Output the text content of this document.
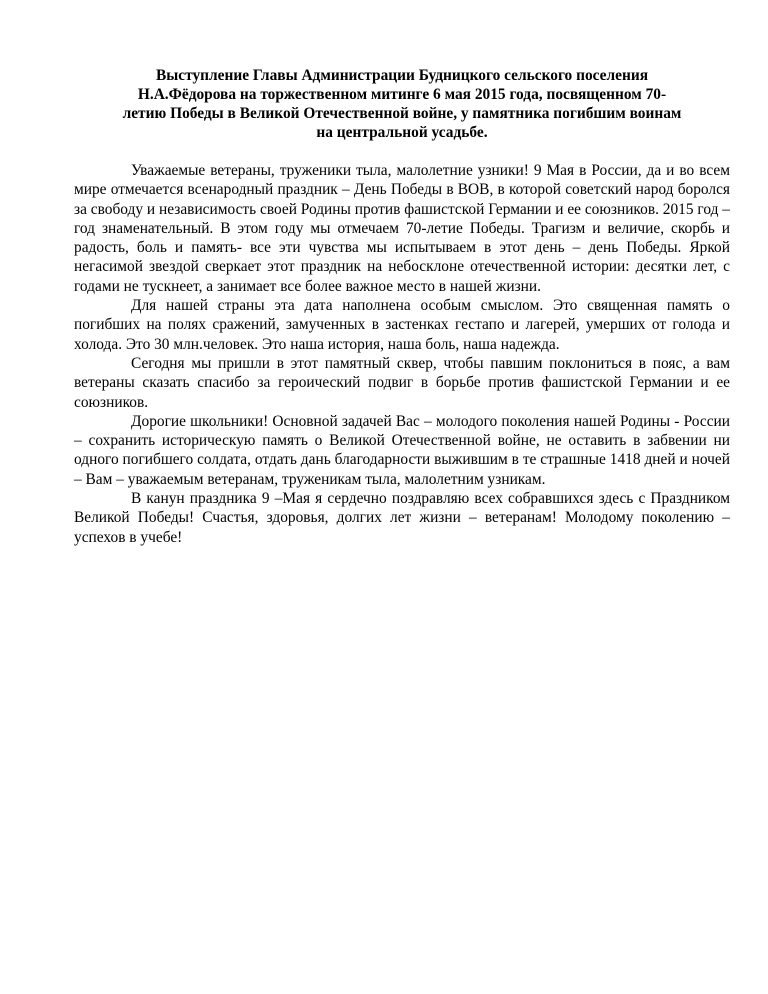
Выступление Главы Администрации Будницкого сельского поселения
Н.А.Фёдорова на торжественном митинге 6 мая 2015 года, посвященном 70-
летию Победы в Великой Отечественной войне, у памятника погибшим воинам
на центральной усадьбе.

Уважаемые ветераны, труженики тыла, малолетние узники! 9 Мая в России, да и во всем мире отмечается всенародный праздник – День Победы в ВОВ, в которой советский народ боролся за свободу и независимость своей Родины против фашистской Германии и ее союзников. 2015 год – год знаменательный. В этом году мы отмечаем 70-летие Победы. Трагизм и величие, скорбь и радость, боль и память- все эти чувства мы испытываем в этот день – день Победы. Яркой негасимой звездой сверкает этот праздник на небосклоне отечественной истории: десятки лет, с годами не тускнеет, а занимает все более важное место в нашей жизни.

Для нашей страны эта дата наполнена особым смыслом. Это священная память о погибших на полях сражений, замученных в застенках гестапо и лагерей, умерших от голода и холода. Это 30 млн.человек. Это наша история, наша боль, наша надежда.

Сегодня мы пришли в этот памятный сквер, чтобы павшим поклониться в пояс, а вам ветераны сказать спасибо за героический подвиг в борьбе против фашистской Германии и ее союзников.

Дорогие школьники! Основной задачей Вас – молодого поколения нашей Родины - России – сохранить историческую память о Великой Отечественной войне, не оставить в забвении ни одного погибшего солдата, отдать дань благодарности выжившим в те страшные 1418 дней и ночей – Вам – уважаемым ветеранам, труженикам тыла, малолетним узникам.

В канун праздника 9 –Мая я сердечно поздравляю всех собравшихся здесь с Праздником Великой Победы! Счастья, здоровья, долгих лет жизни – ветеранам! Молодому поколению – успехов в учебе!
